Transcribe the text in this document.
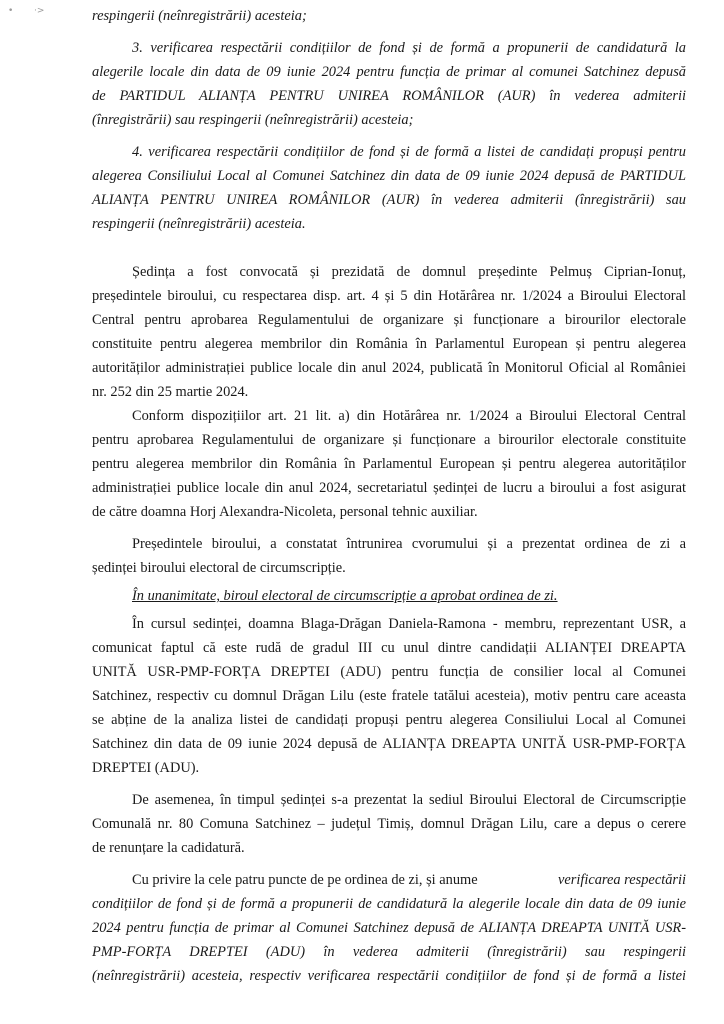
• ·>	respingerii (neînregistrării) acesteia;
3. verificarea respectării condițiilor de fond și de formă a propunerii de candidatură la
alegerile locale din data de 09 iunie 2024 pentru funcția de primar al comunei Satchinez depusă
de PARTIDUL ALIANȚA PENTRU UNIREA ROMÂNILOR (AUR) în vederea admiterii
(înregistrării) sau respingerii (neînregistrării) acesteia;
4. verificarea respectării condițiilor de fond și de formă a listei de candidați propuși pentru
alegerea Consiliului Local al Comunei Satchinez din data de 09 iunie 2024 depusă de PARTIDUL
ALIANȚA PENTRU UNIREA ROMÂNILOR (AUR) în vederea admiterii (înregistrării) sau
respingerii (neînregistrării) acesteia.
Ședința a fost convocată și prezidată de domnul președinte Pelmuș Ciprian-Ionuț,
președintele biroului, cu respectarea disp. art. 4 și 5 din Hotărârea nr. 1/2024 a Biroului Electoral
Central pentru aprobarea Regulamentului de organizare și funcționare a birourilor electorale
constituite pentru alegerea membrilor din România în Parlamentul European și pentru alegerea
autorităților administrației publice locale din anul 2024, publicată în Monitorul Oficial al României
nr. 252 din 25 martie 2024.
Conform dispozițiilor art. 21 lit. a) din Hotărârea nr. 1/2024 a Biroului Electoral Central
pentru aprobarea Regulamentului de organizare și funcționare a birourilor electorale constituite
pentru alegerea membrilor din România în Parlamentul European și pentru alegerea autorităților
administrației publice locale din anul 2024, secretariatul ședinței de lucru a biroului a fost asigurat
de către doamna Horj Alexandra-Nicoleta, personal tehnic auxiliar.
Președintele biroului, a constatat întrunirea cvorumului și a prezentat ordinea de zi a
ședinței biroului electoral de circumscripție.
În unanimitate, biroul electoral de circumscripție a aprobat ordinea de zi.
În cursul sedinței, doamna Blaga-Drăgan Daniela-Ramona - membru, reprezentant USR, a
comunicat faptul că este rudă de gradul III cu unul dintre candidații ALIANȚEI DREAPTA
UNITĂ USR-PMP-FORȚA DREPTEI (ADU) pentru funcția de consilier local al Comunei
Satchinez, respectiv cu domnul Drăgan Lilu (este fratele tatălui acesteia), motiv pentru care aceasta
se abține de la analiza listei de candidați propuși pentru alegerea Consiliului Local al Comunei
Satchinez din data de 09 iunie 2024 depusă de ALIANȚA DREAPTA UNITĂ USR-PMP-FORȚA
DREPTEI (ADU).
De asemenea, în timpul ședinței s-a prezentat la sediul Biroului Electoral de Circumscripție
Comunală nr. 80 Comuna Satchinez – județul Timiș, domnul Drăgan Lilu, care a depus o cerere
de renunțare la cadidatură.
Cu privire la cele patru puncte de pe ordinea de zi, și anume	verificarea respectării
condițiilor de fond și de formă a propunerii de candidatură la alegerile locale din data de 09 iunie
2024 pentru funcția de primar al Comunei Satchinez depusă de ALIANȚA DREAPTA UNITĂ USR-
PMP-FORȚA DREPTEI (ADU) în vederea admiterii (înregistrării) sau respingerii
(neînregistrării) acesteia, respectiv verificarea respectării condițiilor de fond și de formă a listei
